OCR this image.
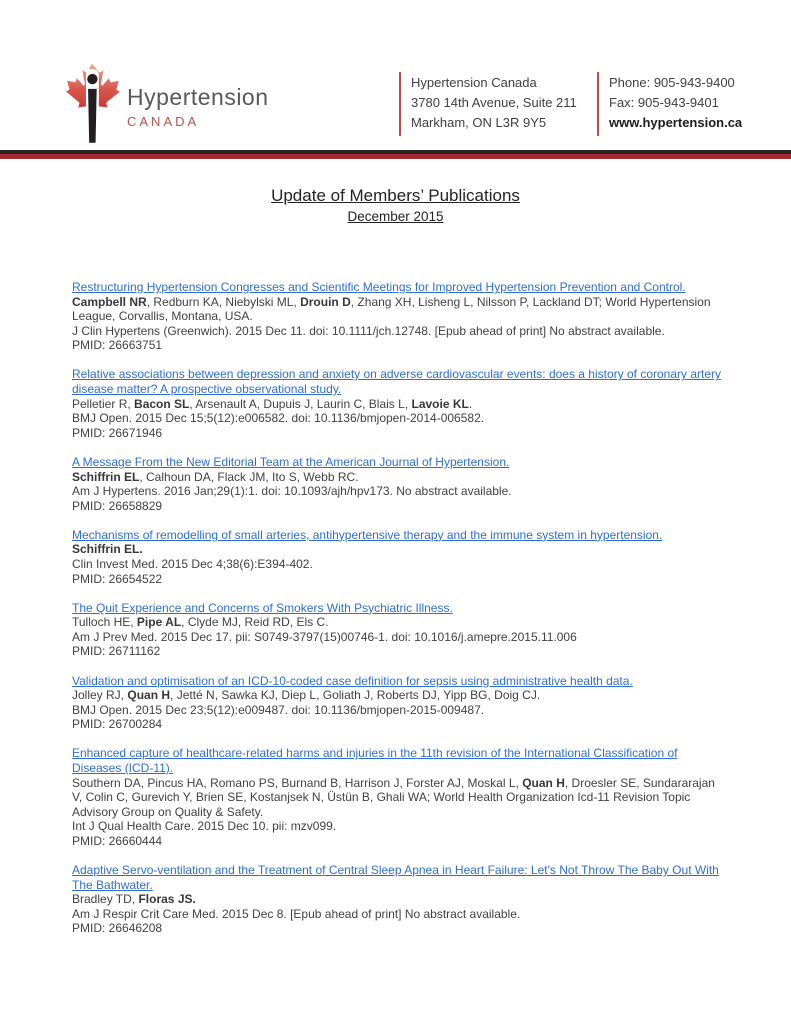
Hypertension
CANADA
Hypertension Canada
3780 14th Avenue, Suite 211
Markham, ON L3R 9Y5
Phone: 905-943-9400
Fax: 905-943-9401
www.hypertension.ca
Update of Members’ Publications
December 2015
Restructuring Hypertension Congresses and Scientific Meetings for Improved Hypertension Prevention and Control.
Campbell NR, Redburn KA, Niebylski ML, Drouin D, Zhang XH, Lisheng L, Nilsson P, Lackland DT; World Hypertension League, Corvallis, Montana, USA.
J Clin Hypertens (Greenwich). 2015 Dec 11. doi: 10.1111/jch.12748. [Epub ahead of print] No abstract available.
PMID: 26663751
Relative associations between depression and anxiety on adverse cardiovascular events: does a history of coronary artery disease matter? A prospective observational study.
Pelletier R, Bacon SL, Arsenault A, Dupuis J, Laurin C, Blais L, Lavoie KL.
BMJ Open. 2015 Dec 15;5(12):e006582. doi: 10.1136/bmjopen-2014-006582.
PMID: 26671946
A Message From the New Editorial Team at the American Journal of Hypertension.
Schiffrin EL, Calhoun DA, Flack JM, Ito S, Webb RC.
Am J Hypertens. 2016 Jan;29(1):1. doi: 10.1093/ajh/hpv173. No abstract available.
PMID: 26658829
Mechanisms of remodelling of small arteries, antihypertensive therapy and the immune system in hypertension.
Schiffrin EL.
Clin Invest Med. 2015 Dec 4;38(6):E394-402.
PMID: 26654522
The Quit Experience and Concerns of Smokers With Psychiatric Illness.
Tulloch HE, Pipe AL, Clyde MJ, Reid RD, Els C.
Am J Prev Med. 2015 Dec 17. pii: S0749-3797(15)00746-1. doi: 10.1016/j.amepre.2015.11.006
PMID: 26711162
Validation and optimisation of an ICD-10-coded case definition for sepsis using administrative health data.
Jolley RJ, Quan H, Jetté N, Sawka KJ, Diep L, Goliath J, Roberts DJ, Yipp BG, Doig CJ.
BMJ Open. 2015 Dec 23;5(12):e009487. doi: 10.1136/bmjopen-2015-009487.
PMID: 26700284
Enhanced capture of healthcare-related harms and injuries in the 11th revision of the International Classification of Diseases (ICD-11).
Southern DA, Pincus HA, Romano PS, Burnand B, Harrison J, Forster AJ, Moskal L, Quan H, Droesler SE, Sundararajan V, Colin C, Gurevich Y, Brien SE, Kostanjsek N, Üstün B, Ghali WA; World Health Organization Icd-11 Revision Topic Advisory Group on Quality & Safety.
Int J Qual Health Care. 2015 Dec 10. pii: mzv099.
PMID: 26660444
Adaptive Servo-ventilation and the Treatment of Central Sleep Apnea in Heart Failure: Let's Not Throw The Baby Out With The Bathwater.
Bradley TD, Floras JS.
Am J Respir Crit Care Med. 2015 Dec 8. [Epub ahead of print] No abstract available.
PMID: 26646208
